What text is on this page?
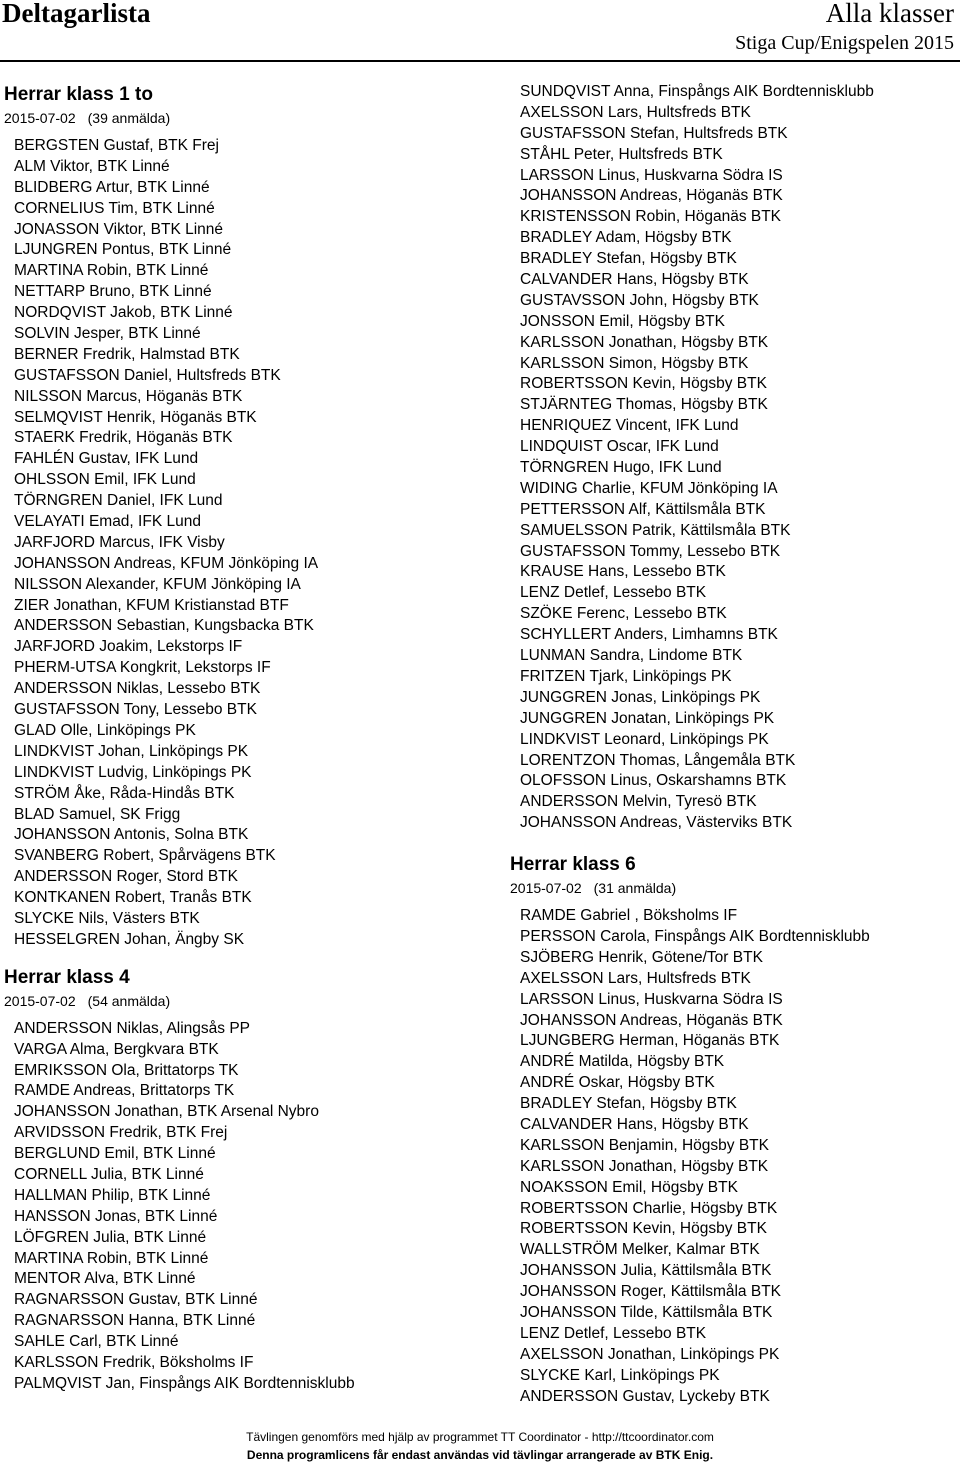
Deltagarlista	Alla klasser
Stiga Cup/Enigspelen 2015
Herrar klass 1 to
2015-07-02 (39 anmälda)
BERGSTEN Gustaf, BTK Frej
ALM Viktor, BTK Linné
BLIDBERG Artur, BTK Linné
CORNELIUS Tim, BTK Linné
JONASSON Viktor, BTK Linné
LJUNGREN Pontus, BTK Linné
MARTINA Robin, BTK Linné
NETTARP Bruno, BTK Linné
NORDQVIST Jakob, BTK Linné
SOLVIN Jesper, BTK Linné
BERNER Fredrik, Halmstad BTK
GUSTAFSSON Daniel, Hultsfreds BTK
NILSSON Marcus, Höganäs BTK
SELMQVIST Henrik, Höganäs BTK
STAERK Fredrik, Höganäs BTK
FAHLÉN Gustav, IFK Lund
OHLSSON Emil, IFK Lund
TÖRNGREN Daniel, IFK Lund
VELAYATI Emad, IFK Lund
JARFJORD Marcus, IFK Visby
JOHANSSON Andreas, KFUM Jönköping IA
NILSSON Alexander, KFUM Jönköping IA
ZIER Jonathan, KFUM Kristianstad BTF
ANDERSSON Sebastian, Kungsbacka BTK
JARFJORD Joakim, Lekstorps IF
PHERM-UTSA Kongkrit, Lekstorps IF
ANDERSSON Niklas, Lessebo BTK
GUSTAFSSON Tony, Lessebo BTK
GLAD Olle, Linköpings PK
LINDKVIST Johan, Linköpings PK
LINDKVIST Ludvig, Linköpings PK
STRÖM Åke, Råda-Hindås BTK
BLAD Samuel, SK Frigg
JOHANSSON Antonis, Solna BTK
SVANBERG Robert, Spårvägens BTK
ANDERSSON Roger, Stord BTK
KONTKANEN Robert, Tranås BTK
SLYCKE Nils, Västers BTK
HESSELGREN Johan, Ängby SK
Herrar klass 4
2015-07-02 (54 anmälda)
ANDERSSON Niklas, Alingsås PP
VARGA Alma, Bergkvara BTK
EMRIKSSON Ola, Brittatorps TK
RAMDE Andreas, Brittatorps TK
JOHANSSON Jonathan, BTK Arsenal Nybro
ARVIDSSON Fredrik, BTK Frej
BERGLUND Emil, BTK Linné
CORNELL Julia, BTK Linné
HALLMAN Philip, BTK Linné
HANSSON Jonas, BTK Linné
LÖFGREN Julia, BTK Linné
MARTINA Robin, BTK Linné
MENTOR Alva, BTK Linné
RAGNARSSON Gustav, BTK Linné
RAGNARSSON Hanna, BTK Linné
SAHLE Carl, BTK Linné
KARLSSON Fredrik, Böksholms IF
PALMQVIST Jan, Finspångs AIK Bordtennisklubb
SUNDQVIST Anna, Finspångs AIK Bordtennisklubb
AXELSSON Lars, Hultsfreds BTK
GUSTAFSSON Stefan, Hultsfreds BTK
STÅHL Peter, Hultsfreds BTK
LARSSON Linus, Huskvarna Södra IS
JOHANSSON Andreas, Höganäs BTK
KRISTENSSON Robin, Höganäs BTK
BRADLEY Adam, Högsby BTK
BRADLEY Stefan, Högsby BTK
CALVANDER Hans, Högsby BTK
GUSTAVSSON John, Högsby BTK
JONSSON Emil, Högsby BTK
KARLSSON Jonathan, Högsby BTK
KARLSSON Simon, Högsby BTK
ROBERTSSON Kevin, Högsby BTK
STJÄRNTEG Thomas, Högsby BTK
HENRIQUEZ Vincent, IFK Lund
LINDQUIST Oscar, IFK Lund
TÖRNGREN Hugo, IFK Lund
WIDING Charlie, KFUM Jönköping IA
PETTERSSON Alf, Kättilsmåla BTK
SAMUELSSON Patrik, Kättilsmåla BTK
GUSTAFSSON Tommy, Lessebo BTK
KRAUSE Hans, Lessebo BTK
LENZ Detlef, Lessebo BTK
SZÖKE Ferenc, Lessebo BTK
SCHYLLERT Anders, Limhamns BTK
LUNMAN Sandra, Lindome BTK
FRITZEN Tjark, Linköpings PK
JUNGGREN Jonas, Linköpings PK
JUNGGREN Jonatan, Linköpings PK
LINDKVIST Leonard, Linköpings PK
LORENTZON Thomas, Långemåla BTK
OLOFSSON Linus, Oskarshamns BTK
ANDERSSON Melvin, Tyresö BTK
JOHANSSON Andreas, Västerviks BTK
Herrar klass 6
2015-07-02 (31 anmälda)
RAMDE Gabriel , Böksholms IF
PERSSON Carola, Finspångs AIK Bordtennisklubb
SJÖBERG Henrik, Götene/Tor BTK
AXELSSON Lars, Hultsfreds BTK
LARSSON Linus, Huskvarna Södra IS
JOHANSSON Andreas, Höganäs BTK
LJUNGBERG Herman, Höganäs BTK
ANDRÉ Matilda, Högsby BTK
ANDRÉ Oskar, Högsby BTK
BRADLEY Stefan, Högsby BTK
CALVANDER Hans, Högsby BTK
KARLSSON Benjamin, Högsby BTK
KARLSSON Jonathan, Högsby BTK
NOAKSSON Emil, Högsby BTK
ROBERTSSON Charlie, Högsby BTK
ROBERTSSON Kevin, Högsby BTK
WALLSTRÖM Melker, Kalmar BTK
JOHANSSON Julia, Kättilsmåla BTK
JOHANSSON Roger, Kättilsmåla BTK
JOHANSSON Tilde, Kättilsmåla BTK
LENZ Detlef, Lessebo BTK
AXELSSON Jonathan, Linköpings PK
SLYCKE Karl, Linköpings PK
ANDERSSON Gustav, Lyckeby BTK
Tävlingen genomförs med hjälp av programmet TT Coordinator - http://ttcoordinator.com
Denna programlicens får endast användas vid tävlingar arrangerade av BTK Enig.
